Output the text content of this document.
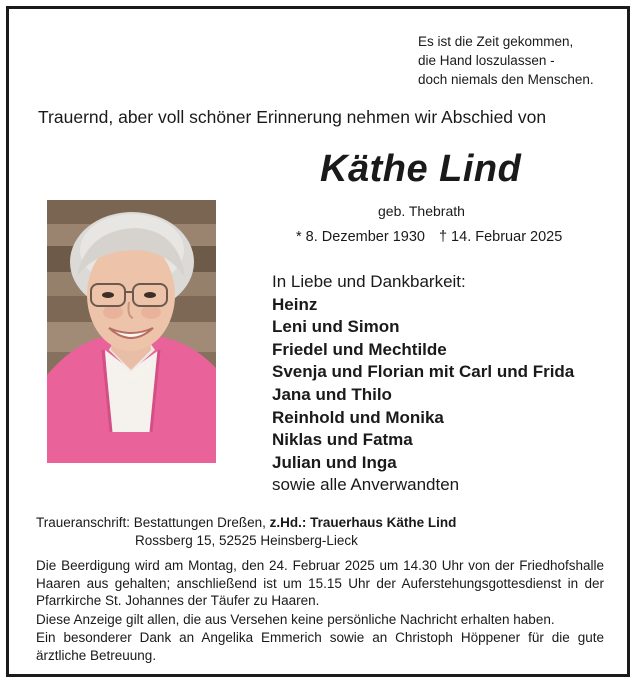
Es ist die Zeit gekommen,
die Hand loszulassen -
doch niemals den Menschen.
Trauernd, aber voll schöner Erinnerung nehmen wir Abschied von
Käthe Lind
geb. Thebrath
* 8. Dezember 1930 † 14. Februar 2025
In Liebe und Dankbarkeit:
Heinz
Leni und Simon
Friedel und Mechtilde
Svenja und Florian mit Carl und Frida
Jana und Thilo
Reinhold und Monika
Niklas und Fatma
Julian und Inga
sowie alle Anverwandten
Traueranschrift: Bestattungen Dreßen, z.Hd.: Trauerhaus Käthe Lind
Rossberg 15, 52525 Heinsberg-Lieck

Die Beerdigung wird am Montag, den 24. Februar 2025 um 14.30 Uhr von der Friedhofshalle Haaren aus gehalten; anschließend ist um 15.15 Uhr der Auferstehungsgottesdienst in der Pfarrkirche St. Johannes der Täufer zu Haaren.

Diese Anzeige gilt allen, die aus Versehen keine persönliche Nachricht erhalten haben.

Ein besonderer Dank an Angelika Emmerich sowie an Christoph Höppener für die gute ärztliche Betreuung.
